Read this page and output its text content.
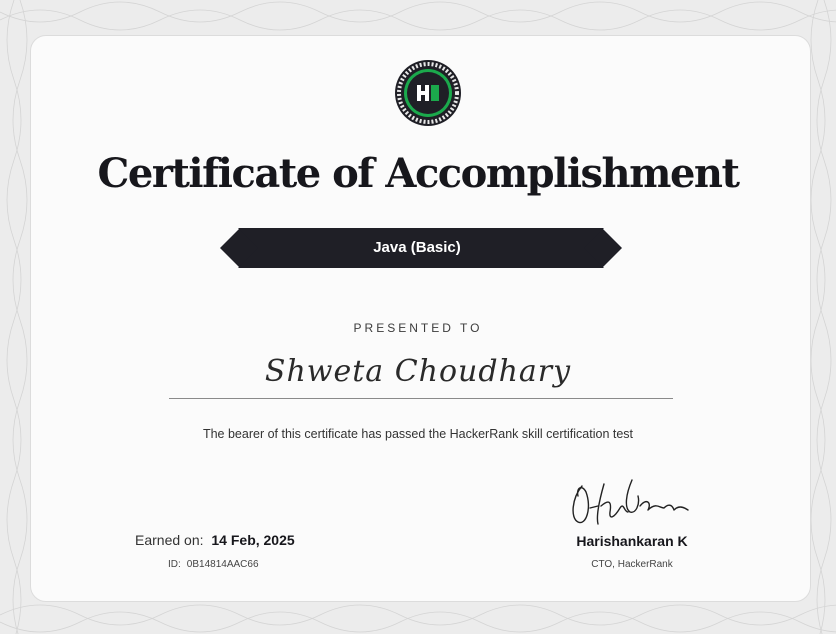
Certificate of Accomplishment
Java (Basic)
PRESENTED TO
Shweta Choudhary
The bearer of this certificate has passed the HackerRank skill certification test
Earned on: 14 Feb, 2025
ID: 0B14814AAC66
Harishankaran K
CTO, HackerRank
